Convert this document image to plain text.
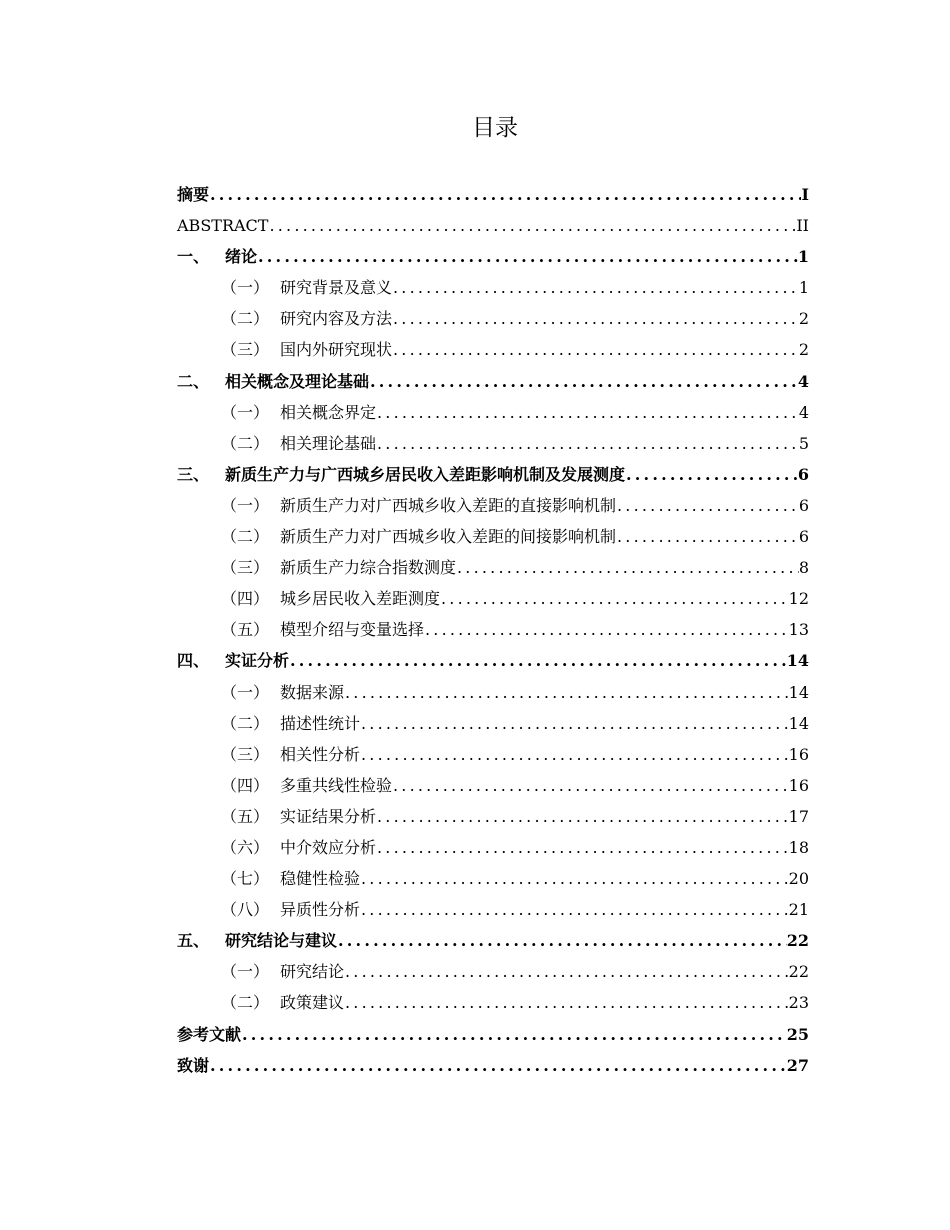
目录
摘要 .....	I
ABSTRACT .....	II
一、 绪论 .....	1
（一） 研究背景及意义 .....	1
（二） 研究内容及方法 .....	2
（三） 国内外研究现状 .....	2
二、 相关概念及理论基础 .....	4
（一） 相关概念界定 .....	4
（二） 相关理论基础 .....	5
三、 新质生产力与广西城乡居民收入差距影响机制及发展测度 .....	6
（一） 新质生产力对广西城乡收入差距的直接影响机制 .....	6
（二） 新质生产力对广西城乡收入差距的间接影响机制 .....	6
（三） 新质生产力综合指数测度 .....	8
（四） 城乡居民收入差距测度 .....	12
（五） 模型介绍与变量选择 .....	13
四、 实证分析 .....	14
（一） 数据来源 .....	14
（二） 描述性统计 .....	14
（三） 相关性分析 .....	16
（四） 多重共线性检验 .....	16
（五） 实证结果分析 .....	17
（六） 中介效应分析 .....	18
（七） 稳健性检验 .....	20
（八） 异质性分析 .....	21
五、 研究结论与建议 .....	22
（一） 研究结论 .....	22
（二） 政策建议 .....	23
参考文献 .....	25
致谢 .....	27
